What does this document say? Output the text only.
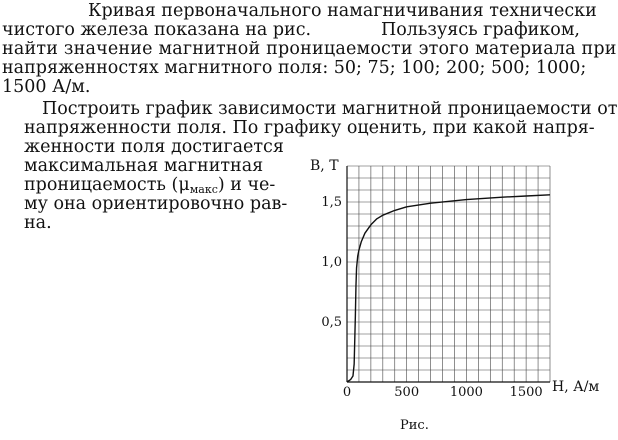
Кривая первоначального намагничивания технически
чистого железа показана на рис.	Пользуясь графиком,
найти значение магнитной проницаемости этого материала при
напряженностях магнитного поля: 50; 75; 100; 200; 500; 1000;
1500 А/м.
Построить график зависимости магнитной проницаемости от
напряженности поля. По графику оценить, при какой напря-
женности поля достигается
максимальная магнитная
проницаемость $(\mu_{макс})$ и че-
му она ориентировочно рав-
на.
0	500 1000 1500
0,5
1,0
1,5
B, Т
H, А/м
Рис.
